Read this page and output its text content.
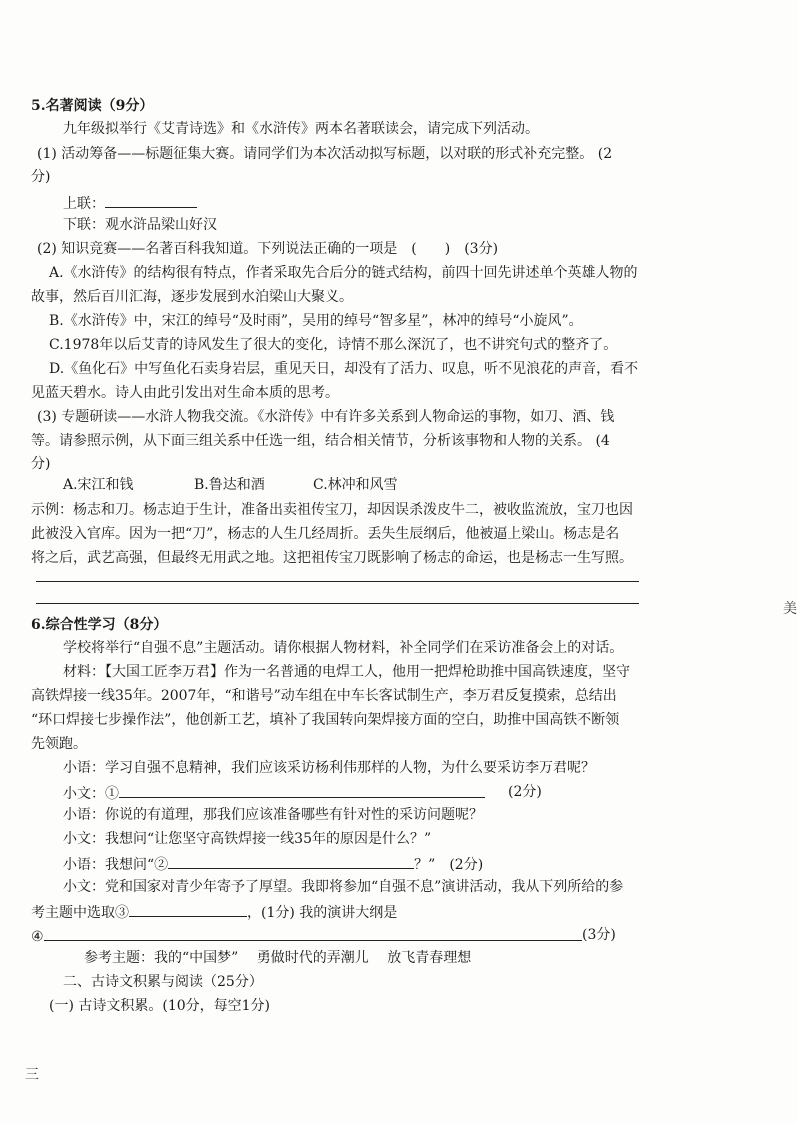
5.名著阅读（9分）
九年级拟举行《艾青诗选》和《水浒传》两本名著联读会，请完成下列活动。
(1) 活动筹备——标题征集大赛。请同学们为本次活动拟写标题，以对联的形式补充完整。 (2
分)
上联：
下联：观水浒品梁山好汉
(2) 知识竞赛——名著百科我知道。下列说法正确的一项是　(　　)　(3分)
A.《水浒传》的结构很有特点，作者采取先合后分的链式结构，前四十回先讲述单个英雄人物的
故事，然后百川汇海，逐步发展到水泊梁山大聚义。
B.《水浒传》中，宋江的绰号“及时雨”，吴用的绰号“智多星”，林冲的绰号“小旋风”。
C.1978年以后艾青的诗风发生了很大的变化，诗情不那么深沉了，也不讲究句式的整齐了。
D.《鱼化石》中写鱼化石卖身岩层，重见天日，却没有了活力、叹息，听不见浪花的声音，看不
见蓝天碧水。诗人由此引发出对生命本质的思考。
(3) 专题研读——水浒人物我交流。《水浒传》中有许多关系到人物命运的事物，如刀、酒、钱
等。请参照示例，从下面三组关系中任选一组，结合相关情节，分析该事物和人物的关系。 (4
分)
A.宋江和钱	B.鲁达和酒	C.林冲和风雪
示例：杨志和刀。杨志迫于生计，准备出卖祖传宝刀，却因误杀泼皮牛二，被收监流放，宝刀也因
此被没入官库。因为一把“刀”，杨志的人生几经周折。丢失生辰纲后，他被逼上梁山。杨志是名
将之后，武艺高强，但最终无用武之地。这把祖传宝刀既影响了杨志的命运，也是杨志一生写照。
6.综合性学习（8分）
学校将举行“自强不息”主题活动。请你根据人物材料，补全同学们在采访准备会上的对话。
材料：【大国工匠李万君】作为一名普通的电焊工人，他用一把焊枪助推中国高铁速度，坚守
高铁焊接一线35年。2007年，“和谐号”动车组在中车长客试制生产，李万君反复摸索，总结出
“环口焊接七步操作法”，他创新工艺，填补了我国转向架焊接方面的空白，助推中国高铁不断领
先领跑。
小语：学习自强不息精神，我们应该采访杨利伟那样的人物，为什么要采访李万君呢？
小文：①	(2分)
小语：你说的有道理，那我们应该准备哪些有针对性的采访问题呢？
小文：我想问“让您坚守高铁焊接一线35年的原因是什么？”
小语：我想问“②	？”　(2分)
小文：党和国家对青少年寄予了厚望。我即将参加“自强不息”演讲活动，我从下列所给的参
考主题中选取③	，(1分) 我的演讲大纲是
④	(3分)
参考主题：我的“中国梦”　 勇做时代的弄潮儿　 放飞青春理想
二、古诗文积累与阅读（25分）
(一) 古诗文积累。(10分，每空1分)
美
三
